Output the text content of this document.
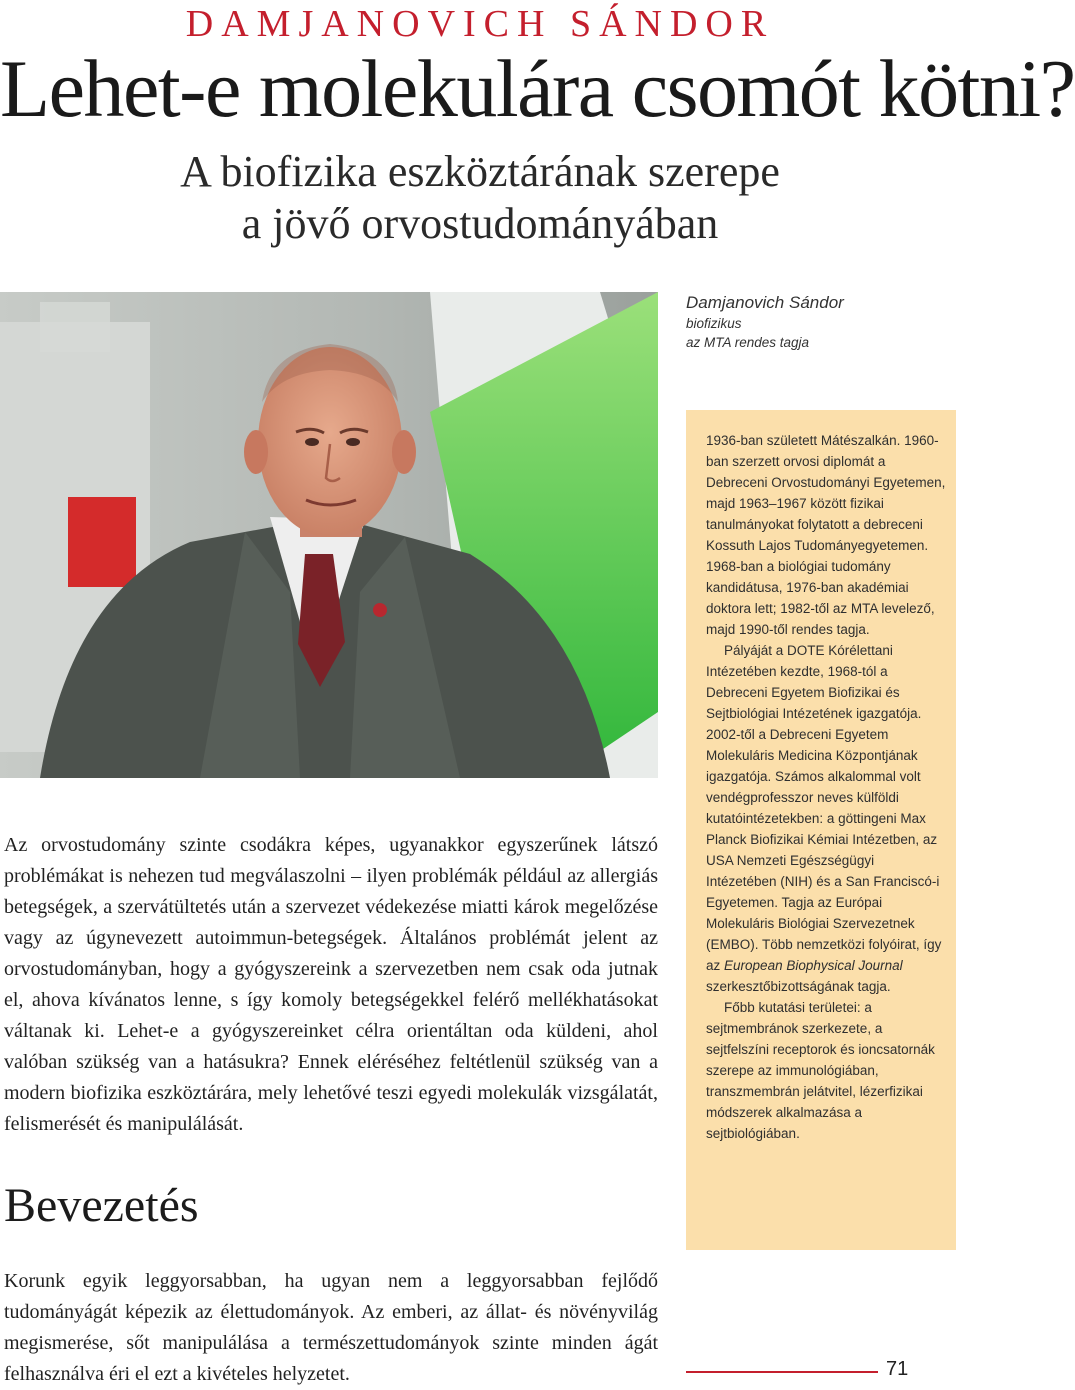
DAMJANOVICH SÁNDOR
Lehet-e molekulára csomót kötni?
A biofizika eszköztárának szerepe
a jövő orvostudományában
Damjanovich Sándor
biofizikus
az MTA rendes tagja

1936-ban született Mátészalkán. 1960-ban szerzett orvosi diplomát a Debreceni Orvostudományi Egyetemen, majd 1963–1967 között fizikai tanulmányokat folytatott a debreceni Kossuth Lajos Tudományegyetemen. 1968-ban a biológiai tudomány kandidátusa, 1976-ban akadémiai doktora lett; 1982-től az MTA levelező, majd 1990-től rendes tagja.

Pályáját a DOTE Kórélettani Intézetében kezdte, 1968-tól a Debreceni Egyetem Biofizikai és Sejtbiológiai Intézetének igazgatója. 2002-től a Debreceni Egyetem Molekuláris Medicina Központjának igazgatója. Számos alkalommal volt vendégprofesszor neves külföldi kutatóintézetekben: a göttingeni Max Planck Biofizikai Kémiai Intézetben, az USA Nemzeti Egészségügyi Intézetében (NIH) és a San Franciscó-i Egyetemen. Tagja az Európai Molekuláris Biológiai Szervezetnek (EMBO). Több nemzetközi folyóirat, így az European Biophysical Journal szerkesztőbizottságának tagja.

Főbb kutatási területei: a sejtmembránok szerkezete, a sejtfelszíni receptorok és ioncsatornák szerepe az immunológiában, transzmembrán jelátvitel, lézerfizikai módszerek alkalmazása a sejtbiológiában.

Az orvostudomány szinte csodákra képes, ugyanakkor egyszerűnek látszó problémákat is nehezen tud megválaszolni – ilyen problémák például az allergiás betegségek, a szervátültetés után a szervezet védekezése miatti károk megelőzése vagy az úgynevezett autoimmun-betegségek. Általános problémát jelent az orvostudományban, hogy a gyógyszereink a szervezetben nem csak oda jutnak el, ahova kívánatos lenne, s így komoly betegségekkel felérő mellékhatásokat váltanak ki. Lehet-e a gyógyszereinket célra orientáltan oda küldeni, ahol valóban szükség van a hatásukra? Ennek eléréséhez feltétlenül szükség van a modern biofizika eszköztárára, mely lehetővé teszi egyedi molekulák vizsgálatát, felismerését és manipulálását.

Bevezetés

Korunk egyik leggyorsabban, ha ugyan nem a leggyorsabban fejlődő tudományágát képezik az élettudományok. Az emberi, az állat- és növényvilág megismerése, sőt manipulálása a természettudományok szinte minden ágát felhasználva éri el ezt a kivételes helyzetet.	71
